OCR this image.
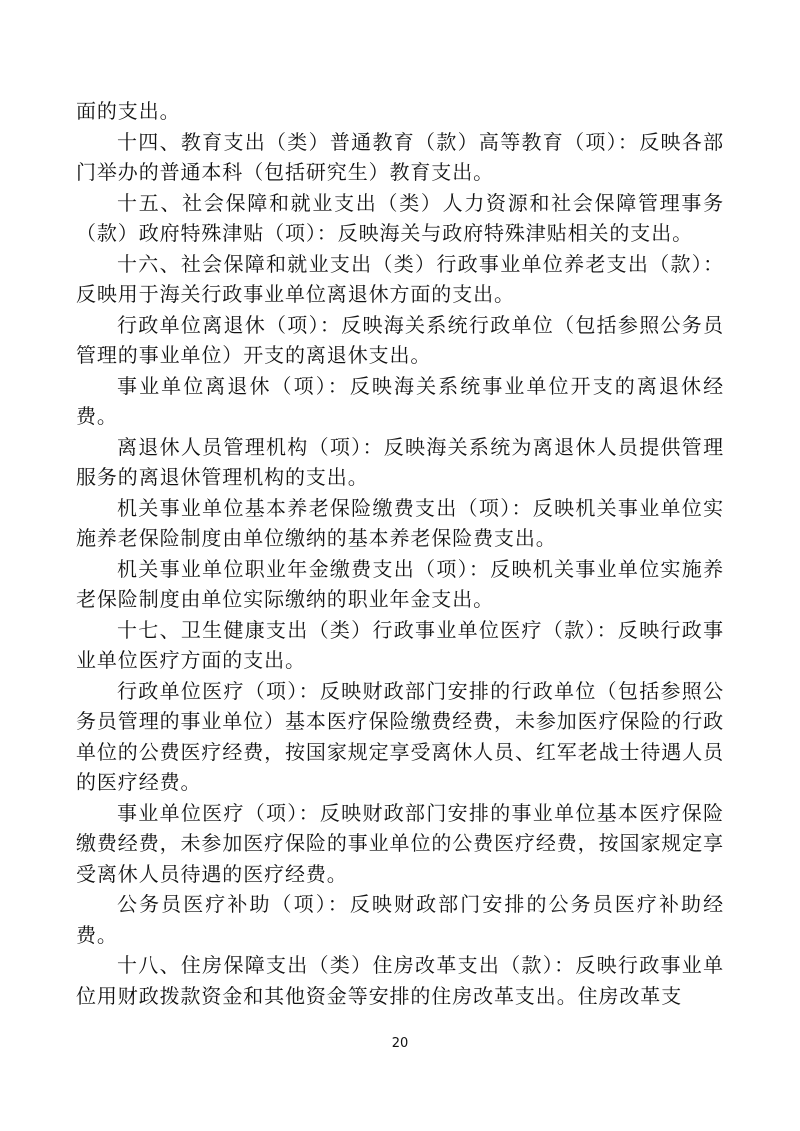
面的支出。

十四、教育支出（类）普通教育（款）高等教育（项）：反映各部门举办的普通本科（包括研究生）教育支出。

十五、社会保障和就业支出（类）人力资源和社会保障管理事务（款）政府特殊津贴（项）：反映海关与政府特殊津贴相关的支出。

十六、社会保障和就业支出（类）行政事业单位养老支出（款）：反映用于海关行政事业单位离退休方面的支出。

行政单位离退休（项）：反映海关系统行政单位（包括参照公务员管理的事业单位）开支的离退休支出。

事业单位离退休（项）：反映海关系统事业单位开支的离退休经费。

离退休人员管理机构（项）：反映海关系统为离退休人员提供管理服务的离退休管理机构的支出。

机关事业单位基本养老保险缴费支出（项）：反映机关事业单位实施养老保险制度由单位缴纳的基本养老保险费支出。

机关事业单位职业年金缴费支出（项）：反映机关事业单位实施养老保险制度由单位实际缴纳的职业年金支出。

十七、卫生健康支出（类）行政事业单位医疗（款）：反映行政事业单位医疗方面的支出。

行政单位医疗（项）：反映财政部门安排的行政单位（包括参照公务员管理的事业单位）基本医疗保险缴费经费，未参加医疗保险的行政单位的公费医疗经费，按国家规定享受离休人员、红军老战士待遇人员的医疗经费。

事业单位医疗（项）：反映财政部门安排的事业单位基本医疗保险缴费经费，未参加医疗保险的事业单位的公费医疗经费，按国家规定享受离休人员待遇的医疗经费。

公务员医疗补助（项）：反映财政部门安排的公务员医疗补助经费。

十八、住房保障支出（类）住房改革支出（款）：反映行政事业单位用财政拨款资金和其他资金等安排的住房改革支出。住房改革支

20
